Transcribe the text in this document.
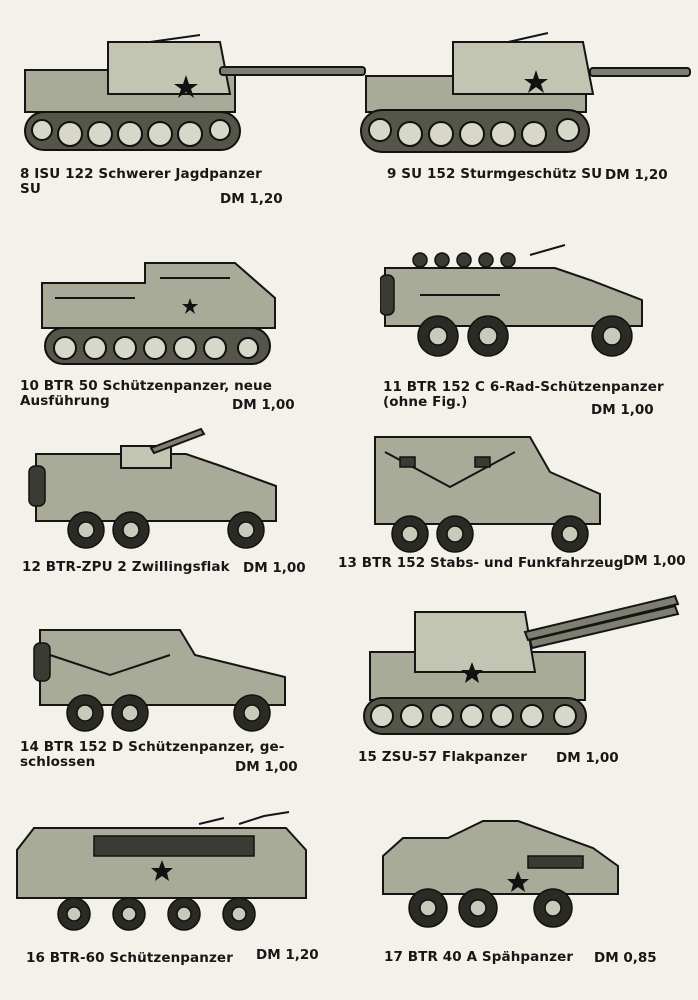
8 ISU 122 Schwerer Jagdpanzer
SU
DM 1,20
9 SU 152 Sturmgeschütz SU DM 1,20
10 BTR 50 Schützenpanzer, neue
Ausführung	DM 1,00
11 BTR 152 C 6-Rad-Schützenpanzer
(ohne Fig.)	DM 1,00
12 BTR-ZPU 2 Zwillingsflak DM 1,00 13 BTR 152 Stabs- und Funkfahrzeug DM 1,00
14 BTR 152 D Schützenpanzer, ge-
schlossen	DM 1,00
15 ZSU-57 Flakpanzer DM 1,00
16 BTR-60 Schützenpanzer DM 1,20	17 BTR 40 A Spähpanzer DM 0,85
